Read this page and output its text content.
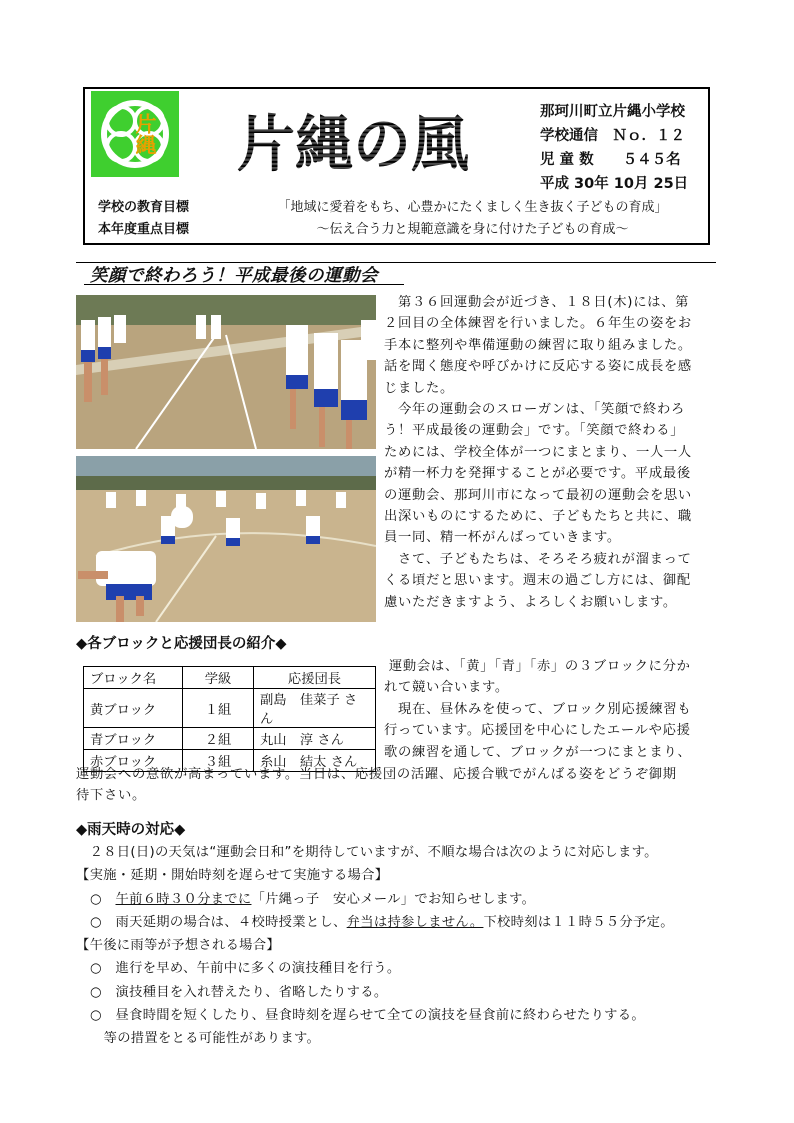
片縄 片縄の風	那珂川町立片縄小学校
学校通信　 Ｎｏ．１２
児 童 数　　 ５４５名
平成 30年 10月 25日
学校の教育目標	「地域に愛着をもち、心豊かにたくましく生き抜く子どもの育成」
本年度重点目標	～伝え合う力と規範意識を身に付けた子どもの育成～
笑顔で終わろう！平成最後の運動会
　第３６回運動会が近づき、１８日(木)には、第
２回目の全体練習を行いました。６年生の姿をお
手本に整列や準備運動の練習に取り組みました。
話を聞く態度や呼びかけに反応する姿に成長を感
じました。
　今年の運動会のスローガンは、「笑顔で終わろ
う！平成最後の運動会」です。「笑顔で終わる」
ためには、学校全体が一つにまとまり、一人一人
が精一杯力を発揮することが必要です。平成最後
の運動会、那珂川市になって最初の運動会を思い
出深いものにするために、子どもたちと共に、職
員一同、精一杯がんばっていきます。
　さて、子どもたちは、そろそろ疲れが溜まって
くる頃だと思います。週末の過ごし方には、御配
慮いただきますよう、よろしくお願いします。
◆各ブロックと応援団長の紹介◆
ブロック名	学級	応援団長
黄ブロック	１組	副島　佳菜子 さん
青ブロック	２組	丸山　淳 さん
赤ブロック	３組	糸山　結太 さん
運動会は、「黄」「青」「赤」の３ブロックに分か
れて競い合います。
　現在、昼休みを使って、ブロック別応援練習も
行っています。応援団を中心にしたエールや応援
歌の練習を通して、ブロックが一つにまとまり、
運動会への意欲が高まっています。当日は、応援団の活躍、応援合戦でがんばる姿をどうぞ御期
待下さい。
◆雨天時の対応◆
　２８日(日)の天気は“運動会日和”を期待していますが、不順な場合は次のように対応します。
【実施・延期・開始時刻を遅らせて実施する場合】
○　午前６時３０分までに「片縄っ子　安心メール」でお知らせします。
○　雨天延期の場合は、４校時授業とし、弁当は持参しません。下校時刻は１１時５５分予定。
【午後に雨等が予想される場合】
○　進行を早め、午前中に多くの演技種目を行う。
○　演技種目を入れ替えたり、省略したりする。
○　昼食時間を短くしたり、昼食時刻を遅らせて全ての演技を昼食前に終わらせたりする。
　等の措置をとる可能性があります。
